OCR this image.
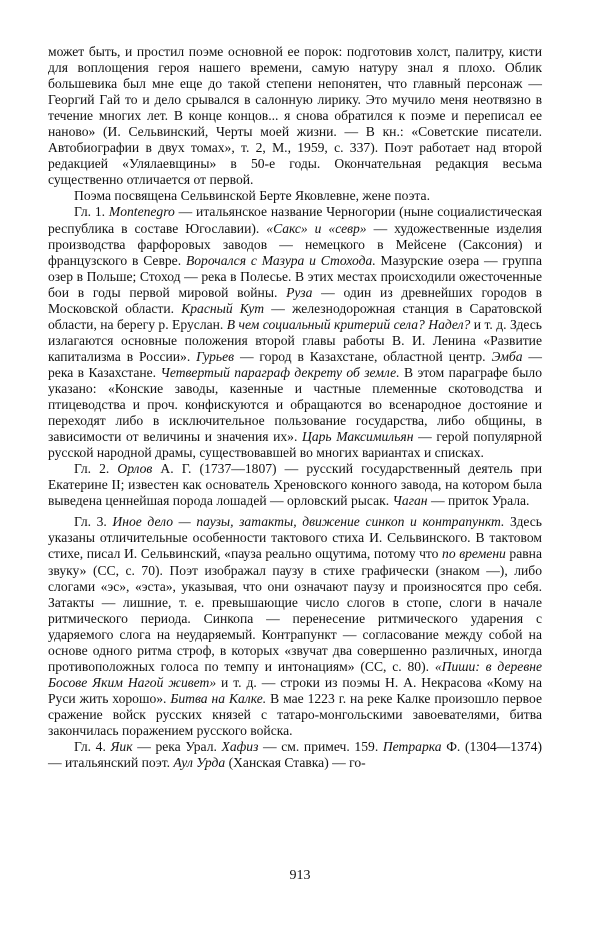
может быть, и простил поэме основной ее порок: подготовив холст, палитру, кисти для воплощения героя нашего времени, самую натуру знал я плохо. Облик большевика был мне еще до такой степени непонятен, что главный персонаж — Георгий Гай то и дело срывался в салонную лирику. Это мучило меня неотвязно в течение многих лет. В конце концов... я снова обратился к поэме и переписал ее наново» (И. Сельвинский, Черты моей жизни. — В кн.: «Советские писатели. Автобиографии в двух томах», т. 2, М., 1959, с. 337). Поэт работает над второй редакцией «Улялаевщины» в 50-е годы. Окончательная редакция весьма существенно отличается от первой.

Поэма посвящена Сельвинской Берте Яковлевне, жене поэта.

Гл. 1. Montenegro — итальянское название Черногории (ныне социалистическая республика в составе Югославии). «Сакс» и «севр» — художественные изделия производства фарфоровых заводов — немецкого в Мейсене (Саксония) и французского в Севре. Ворочался с Мазура и Стохода. Мазурские озера — группа озер в Польше; Стоход — река в Полесье. В этих местах происходили ожесточенные бои в годы первой мировой войны. Руза — один из древнейших городов в Московской области. Красный Кут — железнодорожная станция в Саратовской области, на берегу р. Еруслан. В чем социальный критерий села? Надел? и т. д. Здесь излагаются основные положения второй главы работы В. И. Ленина «Развитие капитализма в России». Гурьев — город в Казахстане, областной центр. Эмба — река в Казахстане. Четвертый параграф декрету об земле. В этом параграфе было указано: «Конские заводы, казенные и частные племенные скотоводства и птицеводства и проч. конфискуются и обращаются во всенародное достояние и переходят либо в исключительное пользование государства, либо общины, в зависимости от величины и значения их». Царь Максимильян — герой популярной русской народной драмы, существовавшей во многих вариантах и списках.

Гл. 2. Орлов А. Г. (1737—1807) — русский государственный деятель при Екатерине II; известен как основатель Хреновского конного завода, на котором была выведена ценнейшая порода лошадей — орловский рысак. Чаган — приток Урала.

Гл. 3. Иное дело — паузы, затакты, движение синкоп и контрапункт. Здесь указаны отличительные особенности тактового стиха И. Сельвинского. В тактовом стихе, писал И. Сельвинский, «пауза реально ощутима, потому что по времени равна звуку» (СС, с. 70). Поэт изображал паузу в стихе графически (знаком —), либо слогами «эс», «эста», указывая, что они означают паузу и произносятся про себя. Затакты — лишние, т. е. превышающие число слогов в стопе, слоги в начале ритмического периода. Синкопа — перенесение ритмического ударения с ударяемого слога на неударяемый. Контрапункт — согласование между собой на основе одного ритма строф, в которых «звучат два совершенно различных, иногда противоположных голоса по темпу и интонациям» (СС, с. 80). «Пиши: в деревне Босове Яким Нагой живет» и т. д. — строки из поэмы Н. А. Некрасова «Кому на Руси жить хорошо». Битва на Калке. В мае 1223 г. на реке Калке произошло первое сражение войск русских князей с татаро-монгольскими завоевателями, битва закончилась поражением русского войска.

Гл. 4. Яик — река Урал. Хафиз — см. примеч. 159. Петрарка Ф. (1304—1374) — итальянский поэт. Аул Урда (Ханская Ставка) — го-

913
